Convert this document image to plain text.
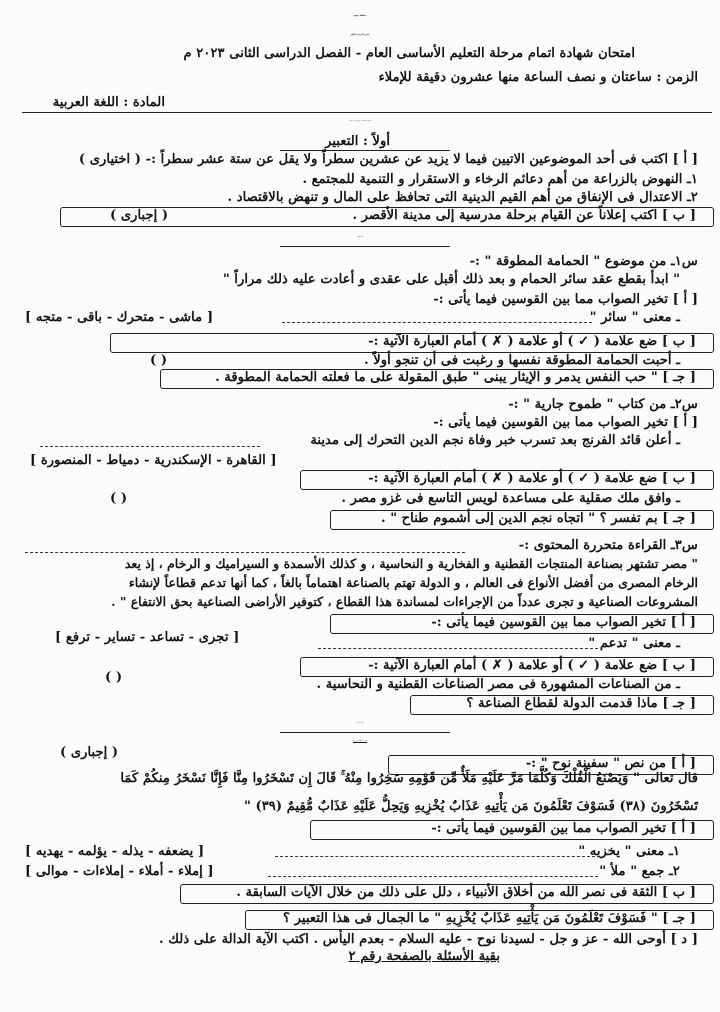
محافظة سوهاج
مديرية التربية و التعليم
امتحان شهادة اتمام مرحلة التعليم الأساسى العام - الفصل الدراسى الثانى ٢٠٢٣ م
الزمن : ساعتان و نصف الساعة منها عشرون دقيقة للإملاء
المادة : اللغة العربية
لاحظ أن الأسئلة فى ورقة واحدة من صفحتين
أولاً : التعبير
[ أ ] اكتب فى أحد الموضوعين الاتيين فيما لا يزيد عن عشرين سطراً ولا يقل عن ستة عشر سطراً :- ( اختيارى )
١ـ النهوض بالزراعة من أهم دعائم الرخاء و الاستقرار و التنمية للمجتمع .
٢ـ الاعتدال فى الإنفاق من أهم القيم الدينية التى تحافظ على المال و تنهض بالاقتصاد .
[ ب ] اكتب إعلاناً عن القيام برحلة مدرسية إلى مدينة الأقصر .
( إجبارى )
ثانياً : القراءة
س١ـ من موضوع " الحمامة المطوقة " :-
" ابدأ بقطع عقد سائر الحمام و بعد ذلك أقبل على عقدى و أعادت عليه ذلك مراراً "
[ أ ] تخير الصواب مما بين القوسين فيما يأتى :-
ـ معنى " سائر "
[ ماشى - متحرك - باقى - متجه ]
[ ب ] ضع علامة ( ✓ ) أو علامة ( ✗ ) أمام العبارة الآتية :-
ـ أحبت الحمامة المطوقة نفسها و رغبت فى أن تنجو أولاً .
( )
[ جـ ] " حب النفس يدمر و الإيثار يبنى " طبق المقولة على ما فعلته الحمامة المطوقة .
س٢ـ من كتاب " طموح جارية " :-
[ أ ] تخير الصواب مما بين القوسين فيما يأتى :-
ـ أعلن قائد الفرنج بعد تسرب خبر وفاة نجم الدين التحرك إلى مدينة
[ القاهرة - الإسكندرية - دمياط - المنصورة ]
[ ب ] ضع علامة ( ✓ ) أو علامة ( ✗ ) أمام العبارة الآتية :-
ـ وافق ملك صقلية على مساعدة لويس التاسع فى غزو مصر .
( )
[ جـ ] بم تفسر ؟ " اتجاه نجم الدين إلى أشموم طناح " .
س٣ـ القراءة متحررة المحتوى :-
" مصر تشتهر بصناعة المنتجات القطنية و الفخارية و النحاسية ، و كذلك الأسمدة و السيراميك و الرخام ، إذ يعد
الرخام المصرى من أفضل الأنواع فى العالم ، و الدولة تهتم بالصناعة اهتماماً بالغاً ، كما أنها تدعم قطاعاً لإنشاء
المشروعات الصناعية و تجرى عدداً من الإجراءات لمساندة هذا القطاع ، كتوفير الأراضى الصناعية بحق الانتفاع " .
[ أ ] تخير الصواب مما بين القوسين فيما يأتى :-
ـ معنى " تدعم "
[ تجرى - تساعد - تساير - ترفع ]
[ ب ] ضع علامة ( ✓ ) أو علامة ( ✗ ) أمام العبارة الآتية :-
ـ من الصناعات المشهورة فى مصر الصناعات القطنية و النحاسية .
( )
[ جـ ] ماذا قدمت الدولة لقطاع الصناعة ؟
ثالثاً : النصوص
أجب عن سؤالين الأول منهما
( إجبارى )
[ أ ] من نص " سفينة نوح " :-
قال تعالى " وَيَصْنَعُ الْفُلْكَ وَكُلَّمَا مَرَّ عَلَيْهِ مَلَأٌ مِّن قَوْمِهِ سَخِرُوا مِنْهُ ۚ قَالَ إِن تَسْخَرُوا مِنَّا فَإِنَّا نَسْخَرُ مِنكُمْ كَمَا
تَسْخَرُونَ (٣٨) فَسَوْفَ تَعْلَمُونَ مَن يَأْتِيهِ عَذَابٌ يُخْزِيهِ وَيَحِلُّ عَلَيْهِ عَذَابٌ مُّقِيمٌ (٣٩) "
[ أ ] تخير الصواب مما بين القوسين فيما يأتى :-
١ـ معنى " يخزيه "
[ يضعفه - يذله - يؤلمه - يهديه ]
٢ـ جمع " ملأ "
[ إملاء - أملاء - إملاءات - موالى ]
[ ب ] الثقة فى نصر الله من أخلاق الأنبياء ، دلل على ذلك من خلال الآيات السابقة .
[ جـ ] " فَسَوْفَ تَعْلَمُونَ مَن يَأْتِيهِ عَذَابٌ يُخْزِيهِ " ما الجمال فى هذا التعبير ؟
[ د ] أوحى الله - عز و جل - لسيدنا نوح - عليه السلام - بعدم اليأس . اكتب الآية الدالة على ذلك .
بقية الأسئلة بالصفحة رقم ٢
